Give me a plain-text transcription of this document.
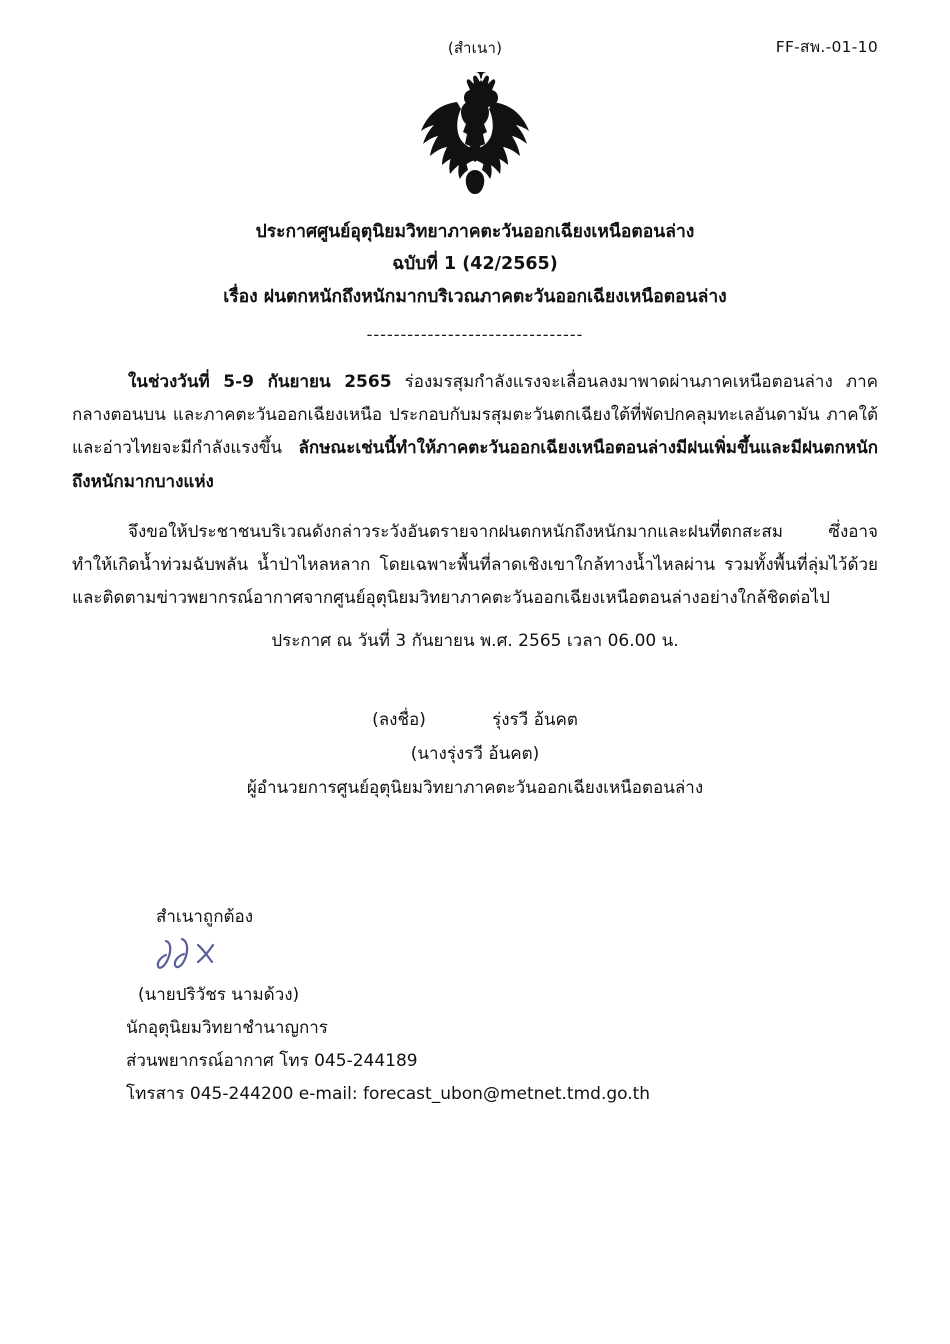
(สำเนา)	FF-สพ.-01-10
ประกาศศูนย์อุตุนิยมวิทยาภาคตะวันออกเฉียงเหนือตอนล่าง
ฉบับที่ 1 (42/2565)
เรื่อง ฝนตกหนักถึงหนักมากบริเวณภาคตะวันออกเฉียงเหนือตอนล่าง
--------------------------------

ในช่วงวันที่ 5-9 กันยายน 2565 ร่องมรสุมกำลังแรงจะเลื่อนลงมาพาดผ่านภาคเหนือตอนล่าง ภาคกลางตอนบน และภาคตะวันออกเฉียงเหนือ ประกอบกับมรสุมตะวันตกเฉียงใต้ที่พัดปกคลุมทะเลอันดามัน ภาคใต้ และอ่าวไทยจะมีกำลังแรงขึ้น ลักษณะเช่นนี้ทำให้ภาคตะวันออกเฉียงเหนือตอนล่างมีฝนเพิ่มขึ้นและมีฝนตกหนักถึงหนักมากบางแห่ง

จึงขอให้ประชาชนบริเวณดังกล่าวระวังอันตรายจากฝนตกหนักถึงหนักมากและฝนที่ตกสะสม ซึ่งอาจทำให้เกิดน้ำท่วมฉับพลัน น้ำป่าไหลหลาก โดยเฉพาะพื้นที่ลาดเชิงเขาใกล้ทางน้ำไหลผ่าน รวมทั้งพื้นที่ลุ่มไว้ด้วย และติดตามข่าวพยากรณ์อากาศจากศูนย์อุตุนิยมวิทยาภาคตะวันออกเฉียงเหนือตอนล่างอย่างใกล้ชิดต่อไป

ประกาศ ณ วันที่ 3 กันยายน พ.ศ. 2565 เวลา 06.00 น.
(ลงชื่อ)	รุ่งรวี อ้นคต
(นางรุ่งรวี อ้นคต)
ผู้อำนวยการศูนย์อุตุนิยมวิทยาภาคตะวันออกเฉียงเหนือตอนล่าง
สำเนาถูกต้อง
(นายปริวัชร นามด้วง)
นักอุตุนิยมวิทยาชำนาญการ
ส่วนพยากรณ์อากาศ โทร 045-244189
โทรสาร 045-244200 e-mail: forecast_ubon@metnet.tmd.go.th
